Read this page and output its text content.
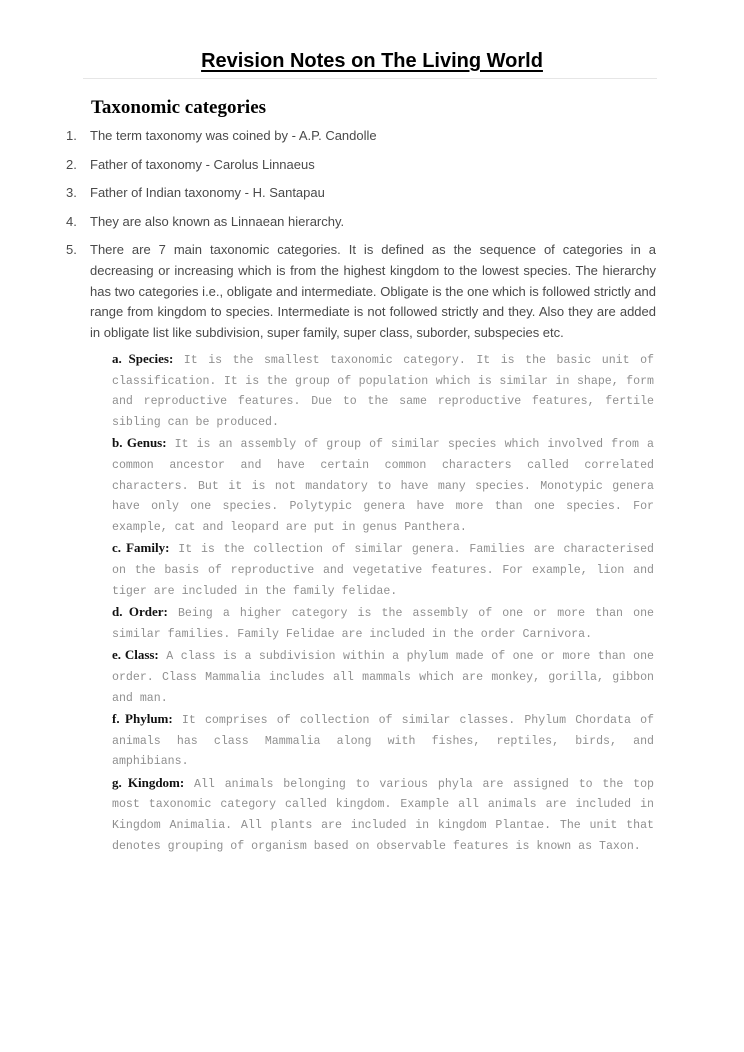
Revision Notes on The Living World
Taxonomic categories
1. The term taxonomy was coined by - A.P. Candolle
2. Father of taxonomy - Carolus Linnaeus
3. Father of Indian taxonomy - H. Santapau
4. They are also known as Linnaean hierarchy.
5. There are 7 main taxonomic categories. It is defined as the sequence of categories in a decreasing or increasing which is from the highest kingdom to the lowest species. The hierarchy has two categories i.e., obligate and intermediate. Obligate is the one which is followed strictly and range from kingdom to species. Intermediate is not followed strictly and they. Also they are added in obligate list like subdivision, super family, super class, suborder, subspecies etc.

a. Species: It is the smallest taxonomic category. It is the basic unit of classification. It is the group of population which is similar in shape, form and reproductive features. Due to the same reproductive features, fertile sibling can be produced.

b. Genus: It is an assembly of group of similar species which involved from a common ancestor and have certain common characters called correlated characters. But it is not mandatory to have many species. Monotypic genera have only one species. Polytypic genera have more than one species. For example, cat and leopard are put in genus Panthera.

c. Family: It is the collection of similar genera. Families are characterised on the basis of reproductive and vegetative features. For example, lion and tiger are included in the family felidae.

d. Order: Being a higher category is the assembly of one or more than one similar families. Family Felidae are included in the order Carnivora.

e. Class: A class is a subdivision within a phylum made of one or more than one order. Class Mammalia includes all mammals which are monkey, gorilla, gibbon and man.

f. Phylum: It comprises of collection of similar classes. Phylum Chordata of animals has class Mammalia along with fishes, reptiles, birds, and amphibians.

g. Kingdom: All animals belonging to various phyla are assigned to the top most taxonomic category called kingdom. Example all animals are included in Kingdom Animalia. All plants are included in kingdom Plantae. The unit that denotes grouping of organism based on observable features is known as Taxon.
